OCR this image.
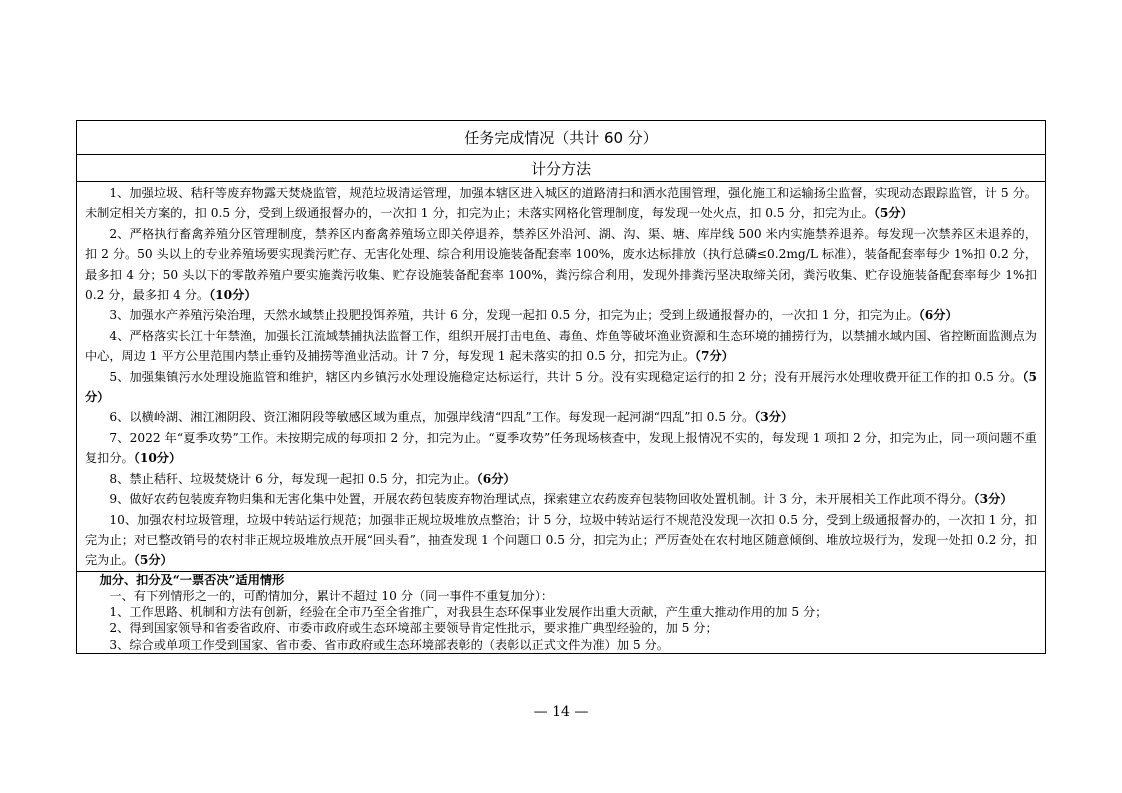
任务完成情况（共计 60 分）
计分方法

1、加强垃圾、秸秆等废弃物露天焚烧监管，规范垃圾清运管理，加强本辖区进入城区的道路清扫和洒水范围管理，强化施工和运输扬尘监督，实现动态跟踪监管，计 5 分。未制定相关方案的，扣 0.5 分，受到上级通报督办的，一次扣 1 分，扣完为止；未落实网格化管理制度，每发现一处火点，扣 0.5 分，扣完为止。（5分）

2、严格执行畜禽养殖分区管理制度，禁养区内畜禽养殖场立即关停退养，禁养区外沿河、湖、沟、渠、塘、库岸线 500 米内实施禁养退养。每发现一次禁养区未退养的，扣 2 分。50 头以上的专业养殖场要实现粪污贮存、无害化处理、综合利用设施装备配套率 100%，废水达标排放（执行总磷≤0.2mg/L 标准），装备配套率每少 1%扣 0.2 分，最多扣 4 分；50 头以下的零散养殖户要实施粪污收集、贮存设施装备配套率 100%，粪污综合利用，发现外排粪污坚决取缔关闭，粪污收集、贮存设施装备配套率每少 1%扣 0.2 分，最多扣 4 分。（10分）

3、加强水产养殖污染治理，天然水域禁止投肥投饵养殖，共计 6 分，发现一起扣 0.5 分，扣完为止；受到上级通报督办的，一次扣 1 分，扣完为止。（6分）

4、严格落实长江十年禁渔，加强长江流域禁捕执法监督工作，组织开展打击电鱼、毒鱼、炸鱼等破坏渔业资源和生态环境的捕捞行为，以禁捕水域内国、省控断面监测点为中心，周边 1 平方公里范围内禁止垂钓及捕捞等渔业活动。计 7 分，每发现 1 起未落实的扣 0.5 分，扣完为止。（7分）

5、加强集镇污水处理设施监管和维护，辖区内乡镇污水处理设施稳定达标运行，共计 5 分。没有实现稳定运行的扣 2 分；没有开展污水处理收费开征工作的扣 0.5 分。（5分）

6、以横岭湖、湘江湘阴段、资江湘阴段等敏感区域为重点，加强岸线清“四乱”工作。每发现一起河湖“四乱”扣 0.5 分。（3分）

7、2022 年“夏季攻势”工作。未按期完成的每项扣 2 分，扣完为止。“夏季攻势”任务现场核查中，发现上报情况不实的，每发现 1 项扣 2 分，扣完为止，同一项问题不重复扣分。（10分）

8、禁止秸秆、垃圾焚烧计 6 分，每发现一起扣 0.5 分，扣完为止。（6分）

9、做好农药包装废弃物归集和无害化集中处置，开展农药包装废弃物治理试点，探索建立农药废弃包装物回收处置机制。计 3 分，未开展相关工作此项不得分。（3分）

10、加强农村垃圾管理，垃圾中转站运行规范；加强非正规垃圾堆放点整治；计 5 分，垃圾中转站运行不规范没发现一次扣 0.5 分，受到上级通报督办的，一次扣 1 分，扣完为止；对已整改销号的农村非正规垃圾堆放点开展“回头看”，抽查发现 1 个问题口 0.5 分，扣完为止；严厉查处在农村地区随意倾倒、堆放垃圾行为，发现一处扣 0.2 分，扣完为止。（5分）

加分、扣分及“一票否决”适用情形

一、有下列情形之一的，可酌情加分，累计不超过 10 分（同一事件不重复加分）：

1、工作思路、机制和方法有创新，经验在全市乃至全省推广，对我县生态环保事业发展作出重大贡献，产生重大推动作用的加 5 分；

2、得到国家领导和省委省政府、市委市政府或生态环境部主要领导肯定性批示，要求推广典型经验的，加 5 分；

3、综合或单项工作受到国家、省市委、省市政府或生态环境部表彰的（表彰以正式文件为准）加 5 分。

— 14 —
